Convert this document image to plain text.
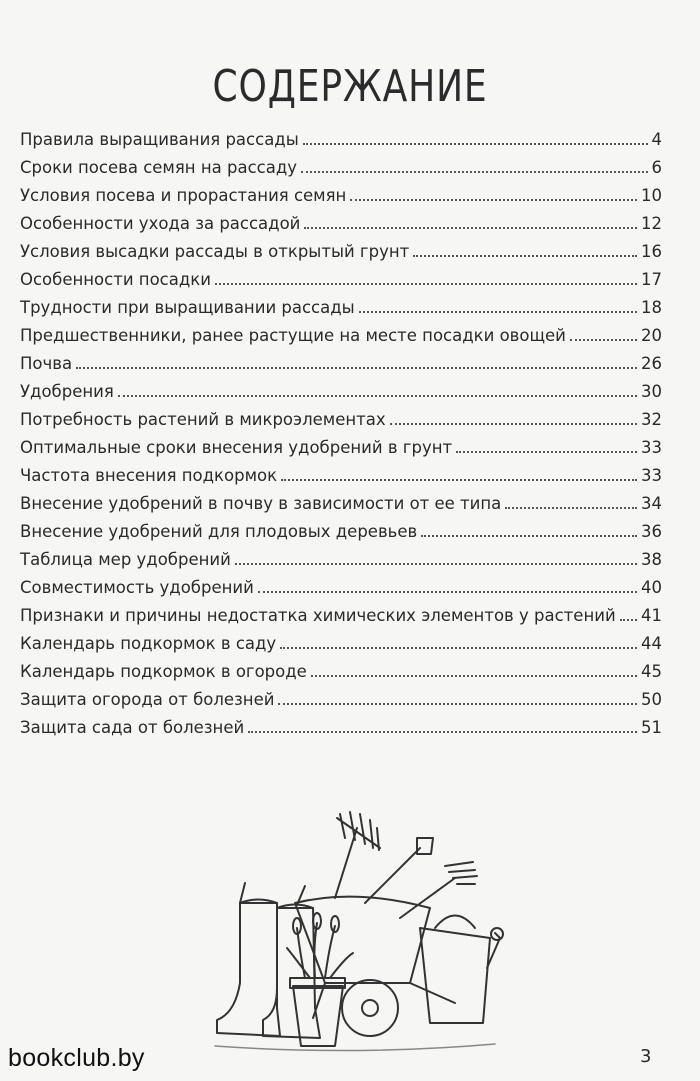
СОДЕРЖАНИЕ
Правила выращивания рассады	4
Сроки посева семян на рассаду	6
Условия посева и прорастания семян	10
Особенности ухода за рассадой	12
Условия высадки рассады в открытый грунт	16
Особенности посадки	17
Трудности при выращивании рассады	18
Предшественники, ранее растущие на месте посадки овощей	20
Почва	26
Удобрения	30
Потребность растений в микроэлементах	32
Оптимальные сроки внесения удобрений в грунт	33
Частота внесения подкормок	33
Внесение удобрений в почву в зависимости от ее типа	34
Внесение удобрений для плодовых деревьев	36
Таблица мер удобрений	38
Совместимость удобрений	40
Признаки и причины недостатка химических элементов у растений 41
Календарь подкормок в саду	44
Календарь подкормок в огороде	45
Защита огорода от болезней	50
Защита сада от болезней	51
bookclub.by	3
